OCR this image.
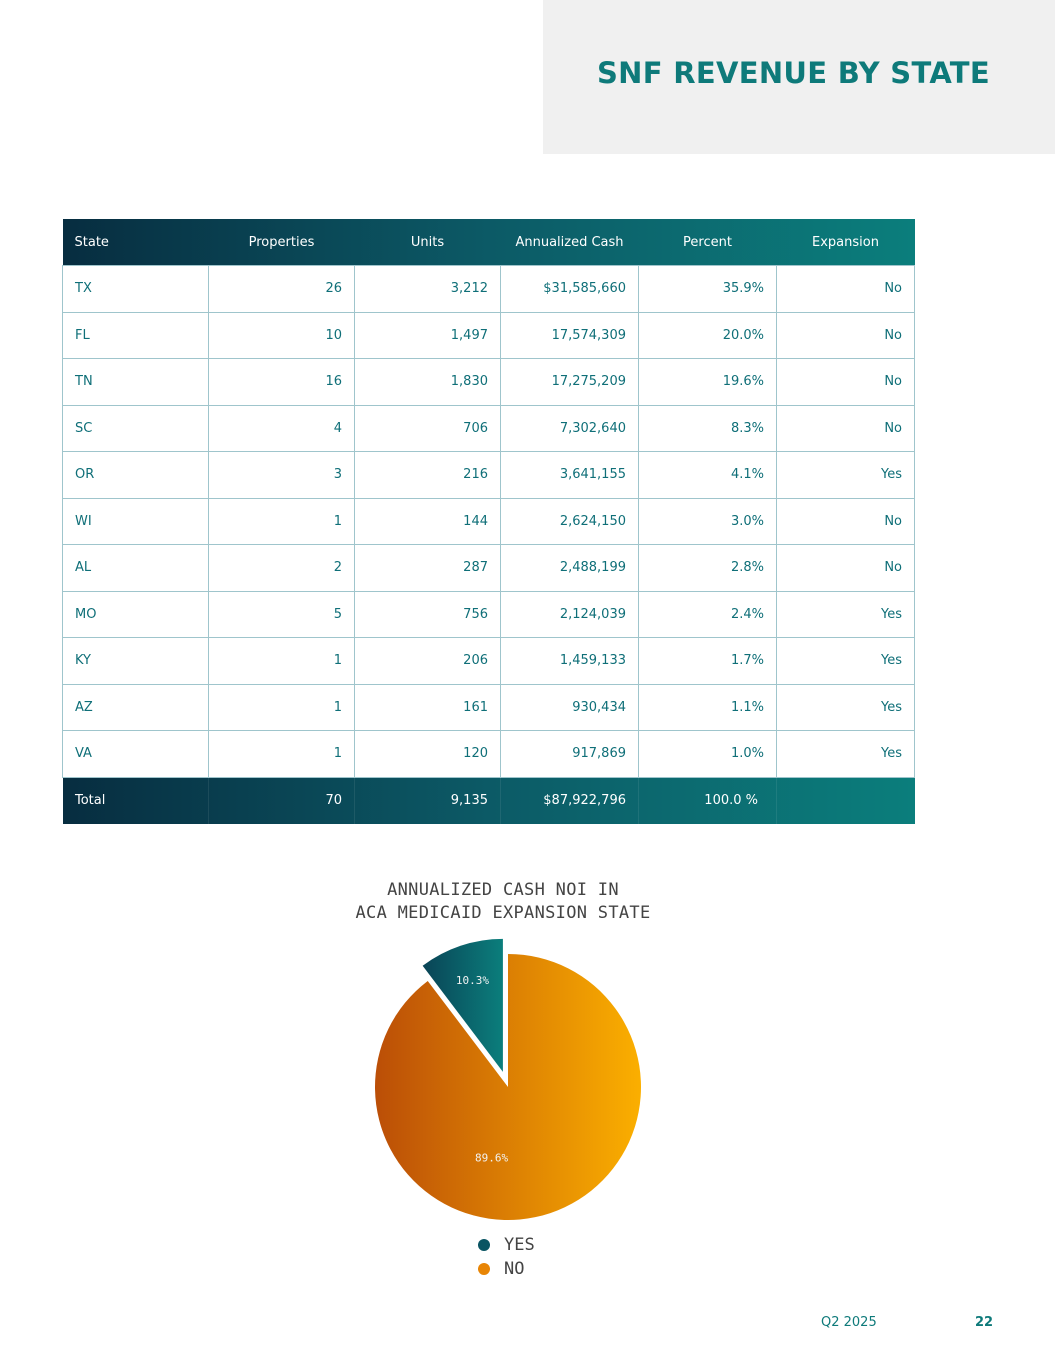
SNF REVENUE BY STATE
State	Properties	Units	Annualized Cash	Percent	Expansion
TX	26	3,212	$31,585,660	35.9%	No
FL	10	1,497	17,574,309	20.0%	No
TN	16	1,830	17,275,209	19.6%	No
SC	4	706	7,302,640	8.3%	No
OR	3	216	3,641,155	4.1%	Yes
WI	1	144	2,624,150	3.0%	No
AL	2	287	2,488,199	2.8%	No
MO	5	756	2,124,039	2.4%	Yes
KY	1	206	1,459,133	1.7%	Yes
AZ	1	161	930,434	1.1%	Yes
VA	1	120	917,869	1.0%	Yes
Total	70	9,135	$87,922,796	100.0 %	
ANNUALIZED CASH NOI IN
ACA MEDICAID EXPANSION STATE
10.3%
89.6%
YES
NO
Q2 2025	22
